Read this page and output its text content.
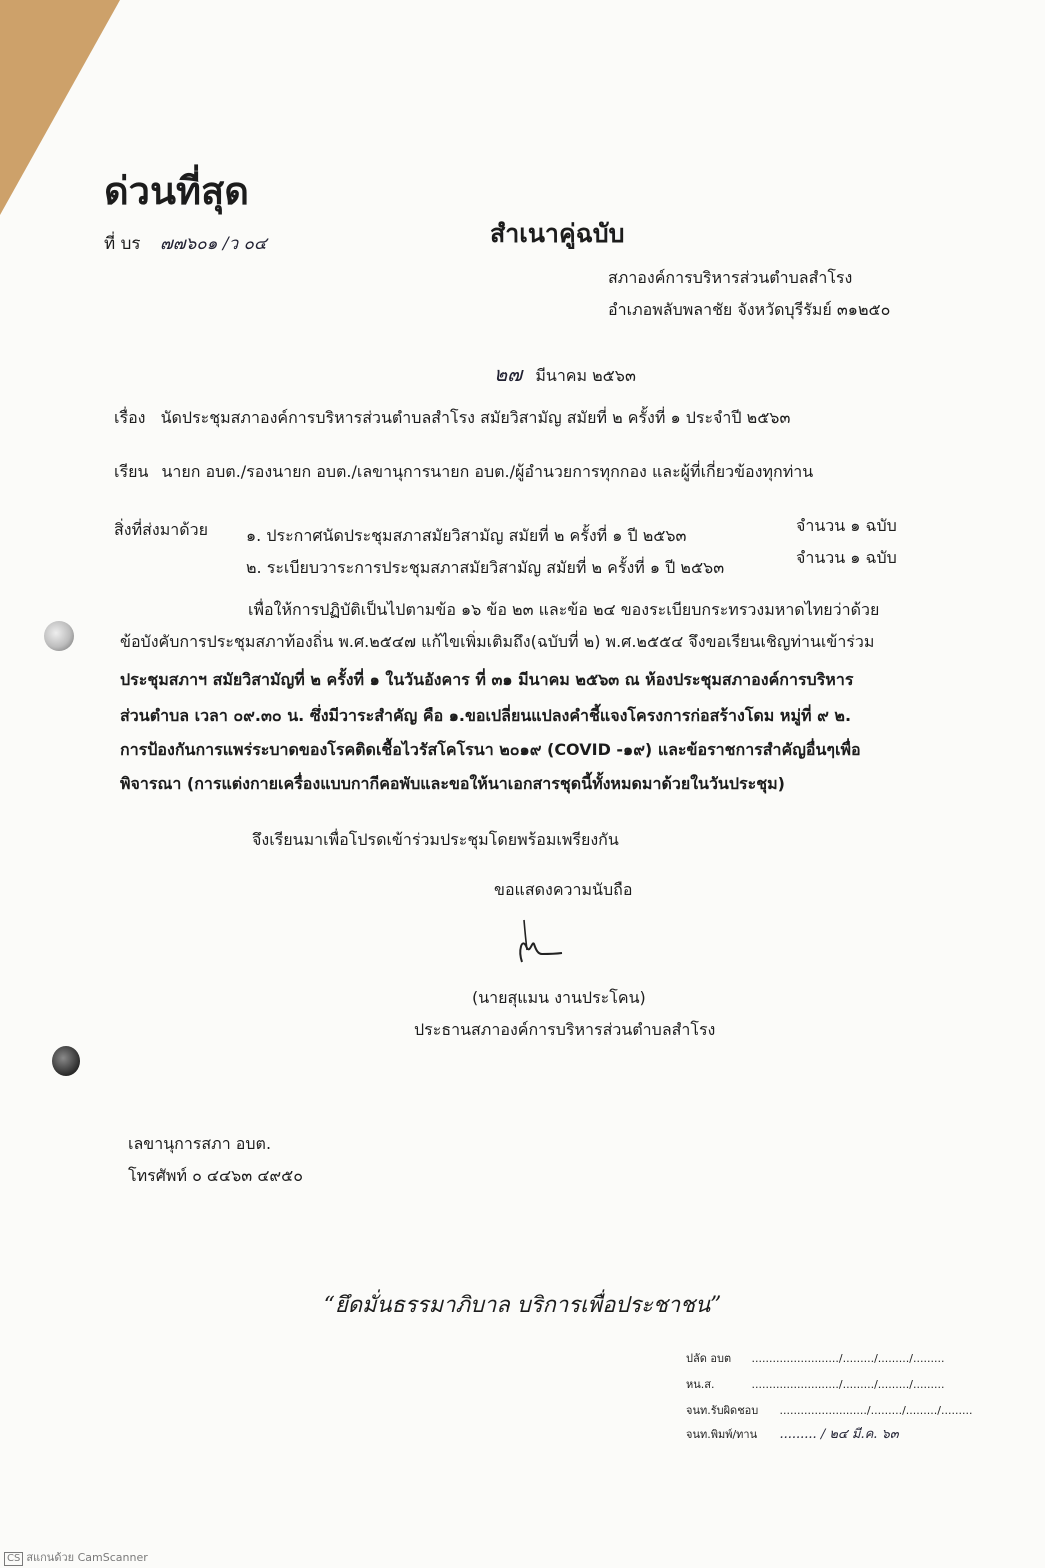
ด่วนที่สุด
สำเนาคู่ฉบับ
ที่ บร ๗๗๖๐๑ /ว ๐๔
สภาองค์การบริหารส่วนตำบลสำโรง
อำเภอพลับพลาชัย จังหวัดบุรีรัมย์ ๓๑๒๕๐
๒๗ มีนาคม ๒๕๖๓
เรื่อง นัดประชุมสภาองค์การบริหารส่วนตำบลสำโรง สมัยวิสามัญ สมัยที่ ๒ ครั้งที่ ๑ ประจำปี ๒๕๖๓
เรียน นายก อบต./รองนายก อบต./เลขานุการนายก อบต./ผู้อำนวยการทุกกอง และผู้ที่เกี่ยวข้องทุกท่าน
สิ่งที่ส่งมาด้วย ๑. ประกาศนัดประชุมสภาสมัยวิสามัญ สมัยที่ ๒ ครั้งที่ ๑ ปี ๒๕๖๓
จำนวน ๑ ฉบับ
๒. ระเบียบวาระการประชุมสภาสมัยวิสามัญ สมัยที่ ๒ ครั้งที่ ๑ ปี ๒๕๖๓
จำนวน ๑ ฉบับ
เพื่อให้การปฏิบัติเป็นไปตามข้อ ๑๖ ข้อ ๒๓ และข้อ ๒๔ ของระเบียบกระทรวงมหาดไทยว่าด้วย
ข้อบังคับการประชุมสภาท้องถิ่น พ.ศ.๒๕๔๗ แก้ไขเพิ่มเติมถึง(ฉบับที่ ๒) พ.ศ.๒๕๕๔ จึงขอเรียนเชิญท่านเข้าร่วม
ประชุมสภาฯ สมัยวิสามัญที่ ๒ ครั้งที่ ๑ ในวันอังคาร ที่ ๓๑ มีนาคม ๒๕๖๓ ณ ห้องประชุมสภาองค์การบริหาร
ส่วนตำบล เวลา ๐๙.๓๐ น. ซึ่งมีวาระสำคัญ คือ ๑.ขอเปลี่ยนแปลงคำชี้แจงโครงการก่อสร้างโดม หมู่ที่ ๙ ๒.
การป้องกันการแพร่ระบาดของโรคติดเชื้อไวรัสโคโรนา ๒๐๑๙ (COVID -๑๙) และข้อราชการสำคัญอื่นๆเพื่อ
พิจารณา (การแต่งกายเครื่องแบบกากีคอพับและขอให้นาเอกสารชุดนี้ทั้งหมดมาด้วยในวันประชุม)
จึงเรียนมาเพื่อโปรดเข้าร่วมประชุมโดยพร้อมเพรียงกัน
ขอแสดงความนับถือ
(นายสุแมน งานประโคน)
ประธานสภาองค์การบริหารส่วนตำบลสำโรง
เลขานุการสภา อบต.
โทรศัพท์ ๐ ๔๔๖๓ ๔๙๕๐
“ยึดมั่นธรรมาภิบาล บริการเพื่อประชาชน”
ปลัด อบต ........................./........./........./.........
หน.ส.	........................./........./........./.........
จนท.รับผิดชอบ ........................./........./........./.........
จนท.พิมพ์/ทาน ......... / ๒๔ มี.ค. ๖๓
CS สแกนด้วย CamScanner
